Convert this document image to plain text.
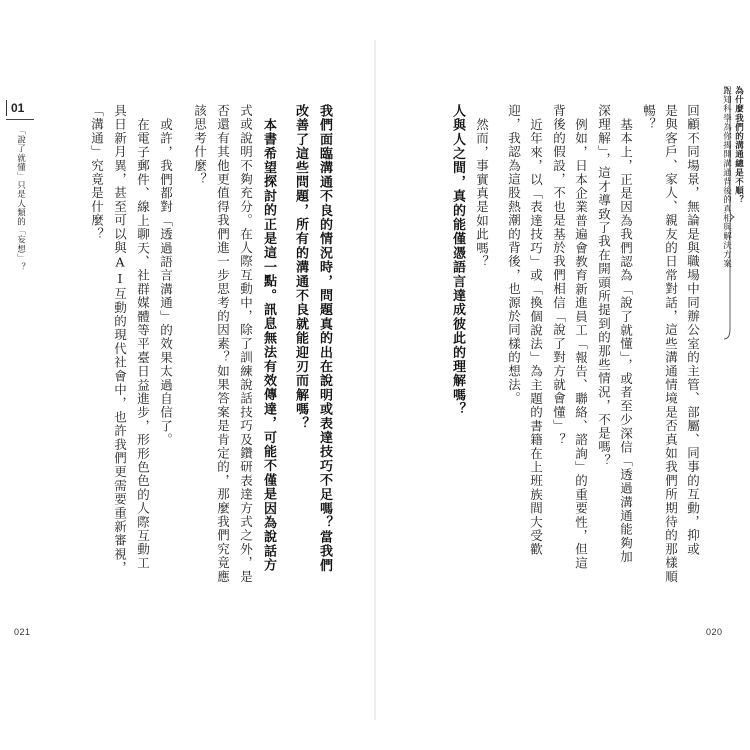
為什麼我們的溝通總是不順？
跟知科學為你揭開溝通背後的真相與解決方案
回顧不同場景，無論是與職場中同辦公室的主管、部屬、同事的互動，抑或
是與客戶、家人、親友的日常對話，這些溝通情境是否真如我們所期待的那樣順
暢？
基本上，正是因為我們認為「說了就懂」，或者至少深信「透過溝通能夠加
深理解」，這才導致了我在開頭所提到的那些情況，不是嗎？
例如，日本企業普遍會教育新進員工「報告、聯絡、諮詢」的重要性，但這
背後的假設，不也是基於我們相信「說了對方就會懂」？
近年來，以「表達技巧」或「換個說法」為主題的書籍在上班族間大受歡
迎，我認為這股熱潮的背後，也源於同樣的想法。
然而，事實真是如此嗎？
人與人之間，真的能僅憑語言達成彼此的理解嗎？
020
我們面臨溝通不良的情況時，問題真的出在說明或表達技巧不足嗎？當我們
改善了這些問題，所有的溝通不良就能迎刃而解嗎？
本書希望探討的正是這一點。訊息無法有效傳達，可能不僅是因為說話方
式或說明不夠充分。在人際互動中，除了訓練說話技巧及鑽研表達方式之外，是
否還有其他更值得我們進一步思考的因素？如果答案是肯定的，那麼我們究竟應
該思考什麼？
或許，我們都對「透過語言溝通」的效果太過自信了。
在電子郵件、線上聊天、社群媒體等平臺日益進步，形形色色的人際互動工
具日新月異，甚至可以與AI互動的現代社會中，也許我們更需要重新審視，
「溝通」究竟是什麼？
01
「說了就懂」只是人類的「妄想」？
021
